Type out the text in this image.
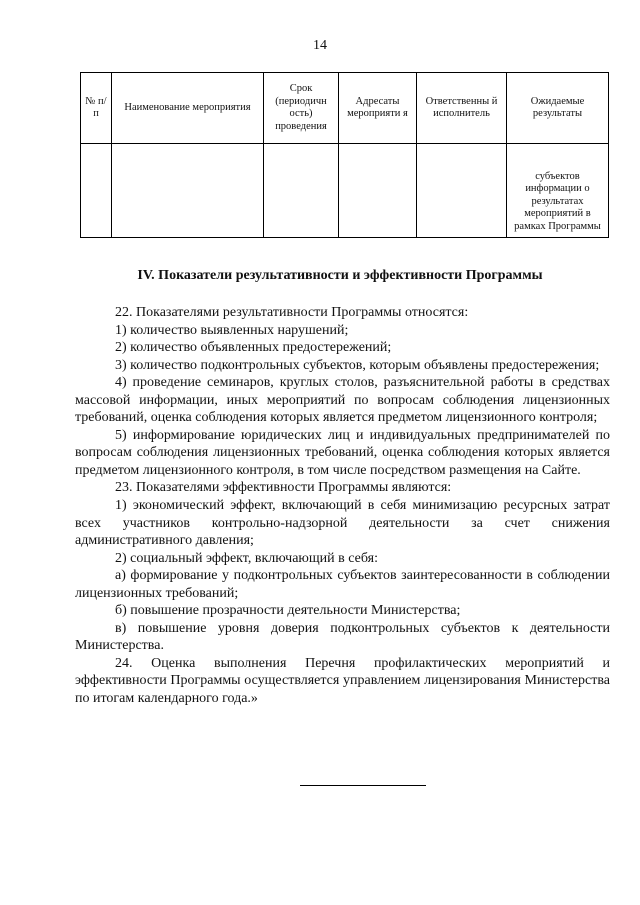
14
№ п/п	Наименование мероприятия	Срок (периодичн ость) проведения	Адресаты мероприяти я	Ответственны й исполнитель	Ожидаемые результаты
					субъектов информации о результатах мероприятий в рамках Программы
IV. Показатели результативности и эффективности Программы

22. Показателями результативности Программы относятся:

1) количество выявленных нарушений;

2) количество объявленных предостережений;

3) количество подконтрольных субъектов, которым объявлены предостережения;

4) проведение семинаров, круглых столов, разъяснительной работы в средствах массовой информации, иных мероприятий по вопросам соблюдения лицензионных требований, оценка соблюдения которых является предметом лицензионного контроля;

5) информирование юридических лиц и индивидуальных предпринимателей по вопросам соблюдения лицензионных требований, оценка соблюдения которых является предметом лицензионного контроля, в том числе посредством размещения на Сайте.

23. Показателями эффективности Программы являются:

1) экономический эффект, включающий в себя минимизацию ресурсных затрат всех участников контрольно-надзорной деятельности за счет снижения административного давления;

2) социальный эффект, включающий в себя:

а) формирование у подконтрольных субъектов заинтересованности в соблюдении лицензионных требований;

б) повышение прозрачности деятельности Министерства;

в) повышение уровня доверия подконтрольных субъектов к деятельности Министерства.

24. Оценка выполнения Перечня профилактических мероприятий и эффективности Программы осуществляется управлением лицензирования Министерства по итогам календарного года.»
